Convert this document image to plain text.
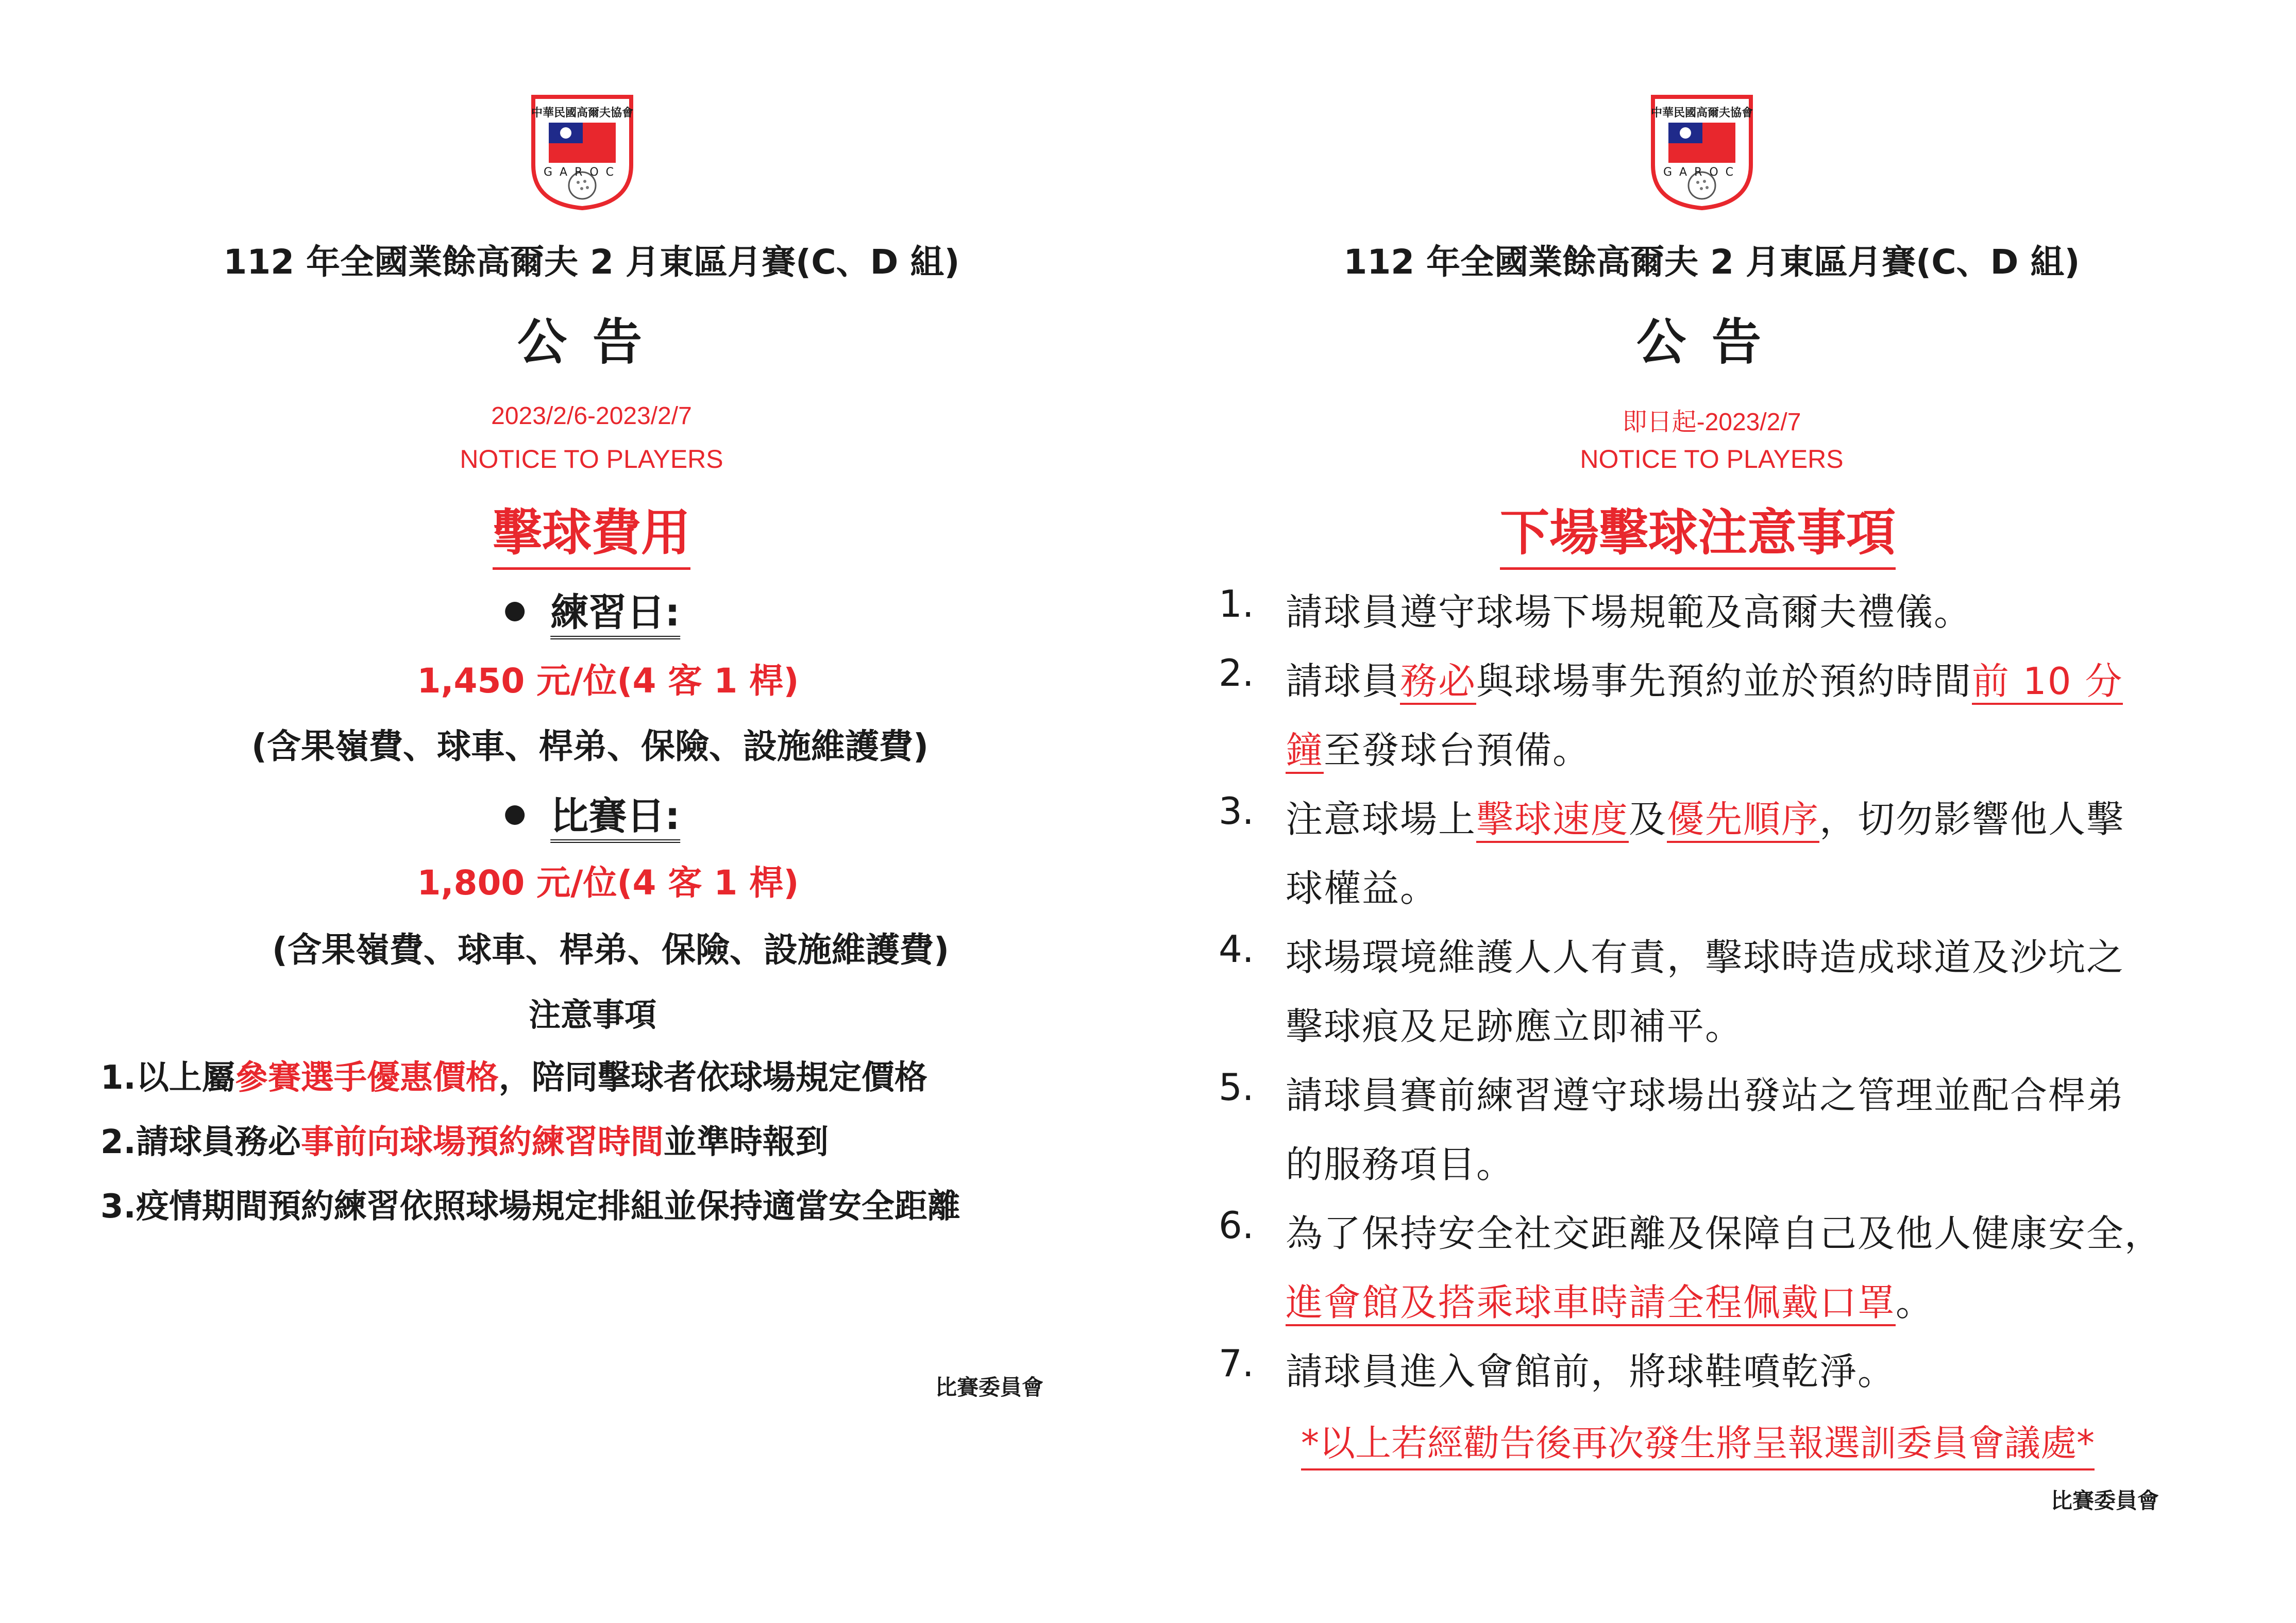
中華民國高爾夫協會
GAROC
112 年全國業餘高爾夫 2 月東區月賽(C、D 組)
公告
2023/2/6-2023/2/7
NOTICE TO PLAYERS
擊球費用
練習日:
1,450 元/位(4 客 1 桿)
(含果嶺費、球車、桿弟、保險、設施維護費)
比賽日:
1,800 元/位(4 客 1 桿)
(含果嶺費、球車、桿弟、保險、設施維護費)
注意事項
1.以上屬參賽選手優惠價格，陪同擊球者依球場規定價格
2.請球員務必事前向球場預約練習時間並準時報到
3.疫情期間預約練習依照球場規定排組並保持適當安全距離
比賽委員會
中華民國高爾夫協會
GAROC
112 年全國業餘高爾夫 2 月東區月賽(C、D 組)
公告
即日起-2023/2/7
NOTICE TO PLAYERS
下場擊球注意事項
1. 請球員遵守球場下場規範及高爾夫禮儀。
2. 請球員務必與球場事先預約並於預約時間前 10 分
鐘至發球台預備。
3. 注意球場上擊球速度及優先順序，切勿影響他人擊
球權益。
4. 球場環境維護人人有責，擊球時造成球道及沙坑之
擊球痕及足跡應立即補平。
5. 請球員賽前練習遵守球場出發站之管理並配合桿弟
的服務項目。
6. 為了保持安全社交距離及保障自己及他人健康安全，
進會館及搭乘球車時請全程佩戴口罩。
7. 請球員進入會館前，將球鞋噴乾淨。
*以上若經勸告後再次發生將呈報選訓委員會議處*
比賽委員會
